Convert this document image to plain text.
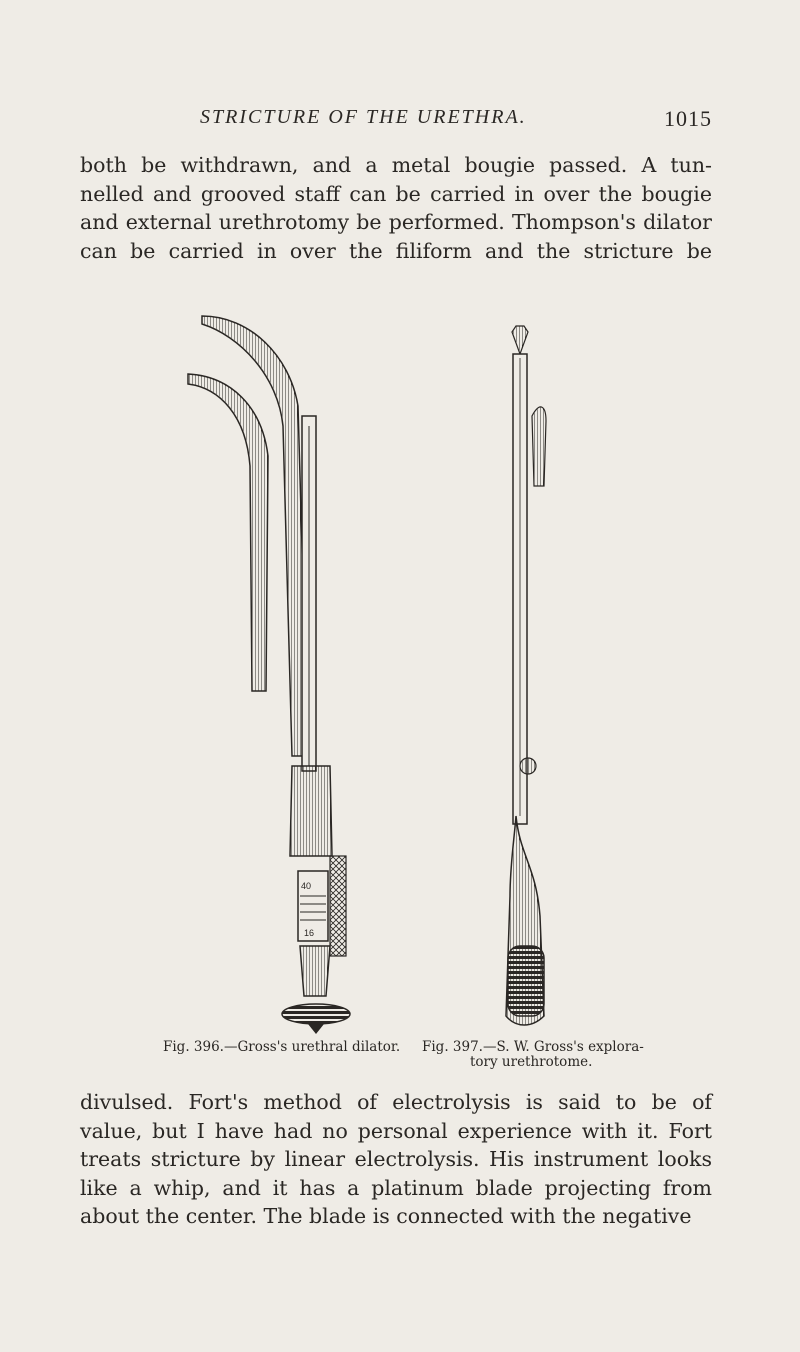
STRICTURE OF THE URETHRA.	1015
both be withdrawn, and a metal bougie passed. A tun-
nelled and grooved staff can be carried in over the bougie
and external urethrotomy be performed. Thompson's dilator
can be carried in over the filiform and the stricture be
40
16
Fig. 396.—Gross's urethral dilator.	Fig. 397.—S. W. Gross's explora-
tory urethrotome.
divulsed. Fort's method of electrolysis is said to be of
value, but I have had no personal experience with it. Fort
treats stricture by linear electrolysis. His instrument looks
like a whip, and it has a platinum blade projecting from
about the center. The blade is connected with the negative
